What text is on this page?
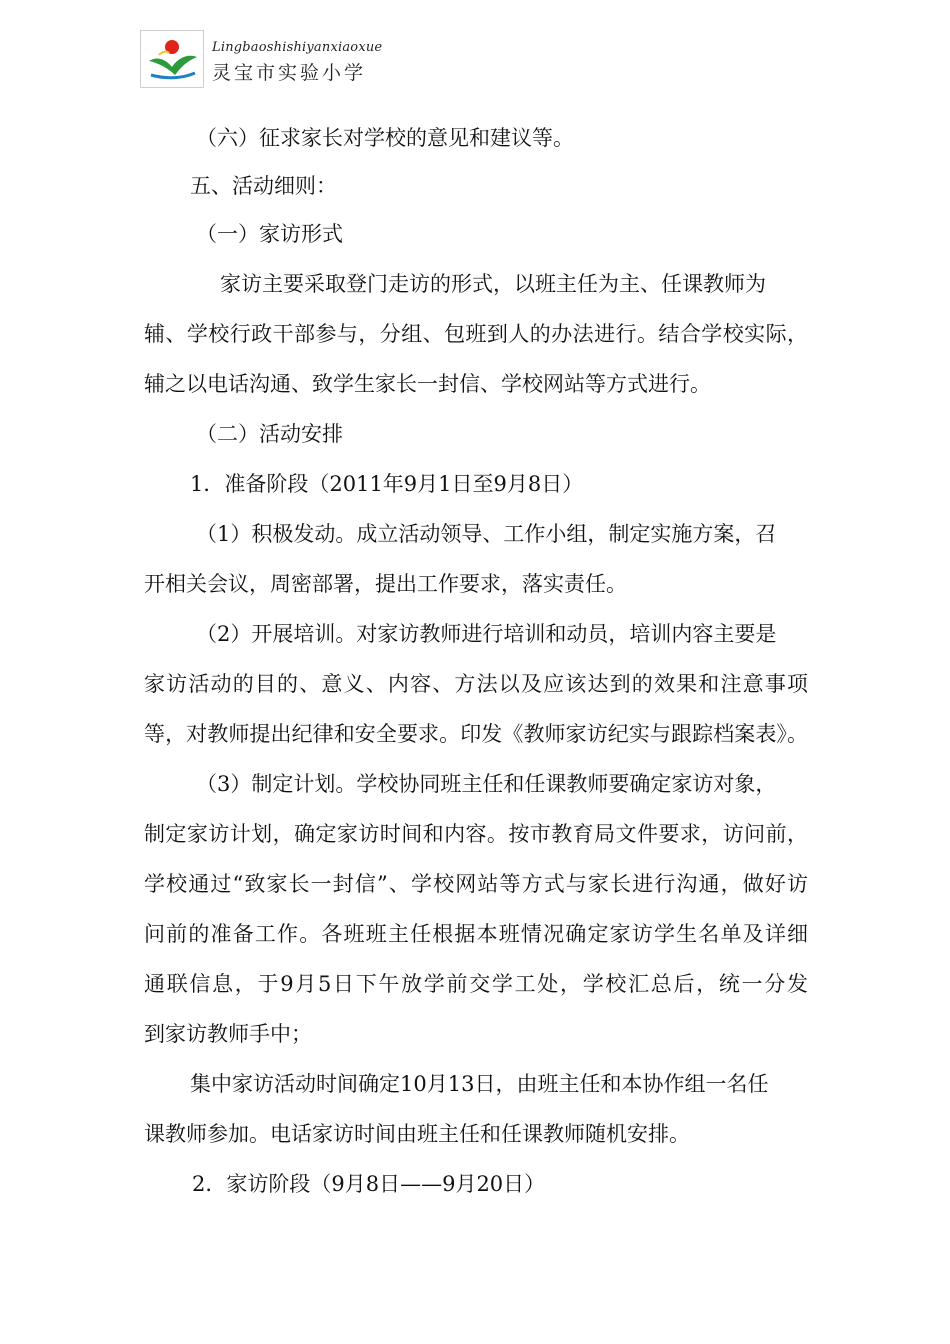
Lingbaoshishiyanxiaoxue
灵宝市实验小学
（六）征求家长对学校的意见和建议等。
五、活动细则：
（一）家访形式
家访主要采取登门走访的形式，以班主任为主、任课教师为
辅、学校行政干部参与，分组、包班到人的办法进行。结合学校实际，
辅之以电话沟通、致学生家长一封信、学校网站等方式进行。
（二）活动安排
1．准备阶段（2011年9月1日至9月8日）
（1）积极发动。成立活动领导、工作小组，制定实施方案，召
开相关会议，周密部署，提出工作要求，落实责任。
（2）开展培训。对家访教师进行培训和动员，培训内容主要是
家访活动的目的、意义、内容、方法以及应该达到的效果和注意事项
等，对教师提出纪律和安全要求。印发《教师家访纪实与跟踪档案表》。
（3）制定计划。学校协同班主任和任课教师要确定家访对象，
制定家访计划，确定家访时间和内容。按市教育局文件要求，访问前，
学校通过“致家长一封信”、学校网站等方式与家长进行沟通，做好访
问前的准备工作。各班班主任根据本班情况确定家访学生名单及详细
通联信息，于9月5日下午放学前交学工处，学校汇总后，统一分发
到家访教师手中；
集中家访活动时间确定10月13日，由班主任和本协作组一名任
课教师参加。电话家访时间由班主任和任课教师随机安排。
2．家访阶段（9月8日——9月20日）
